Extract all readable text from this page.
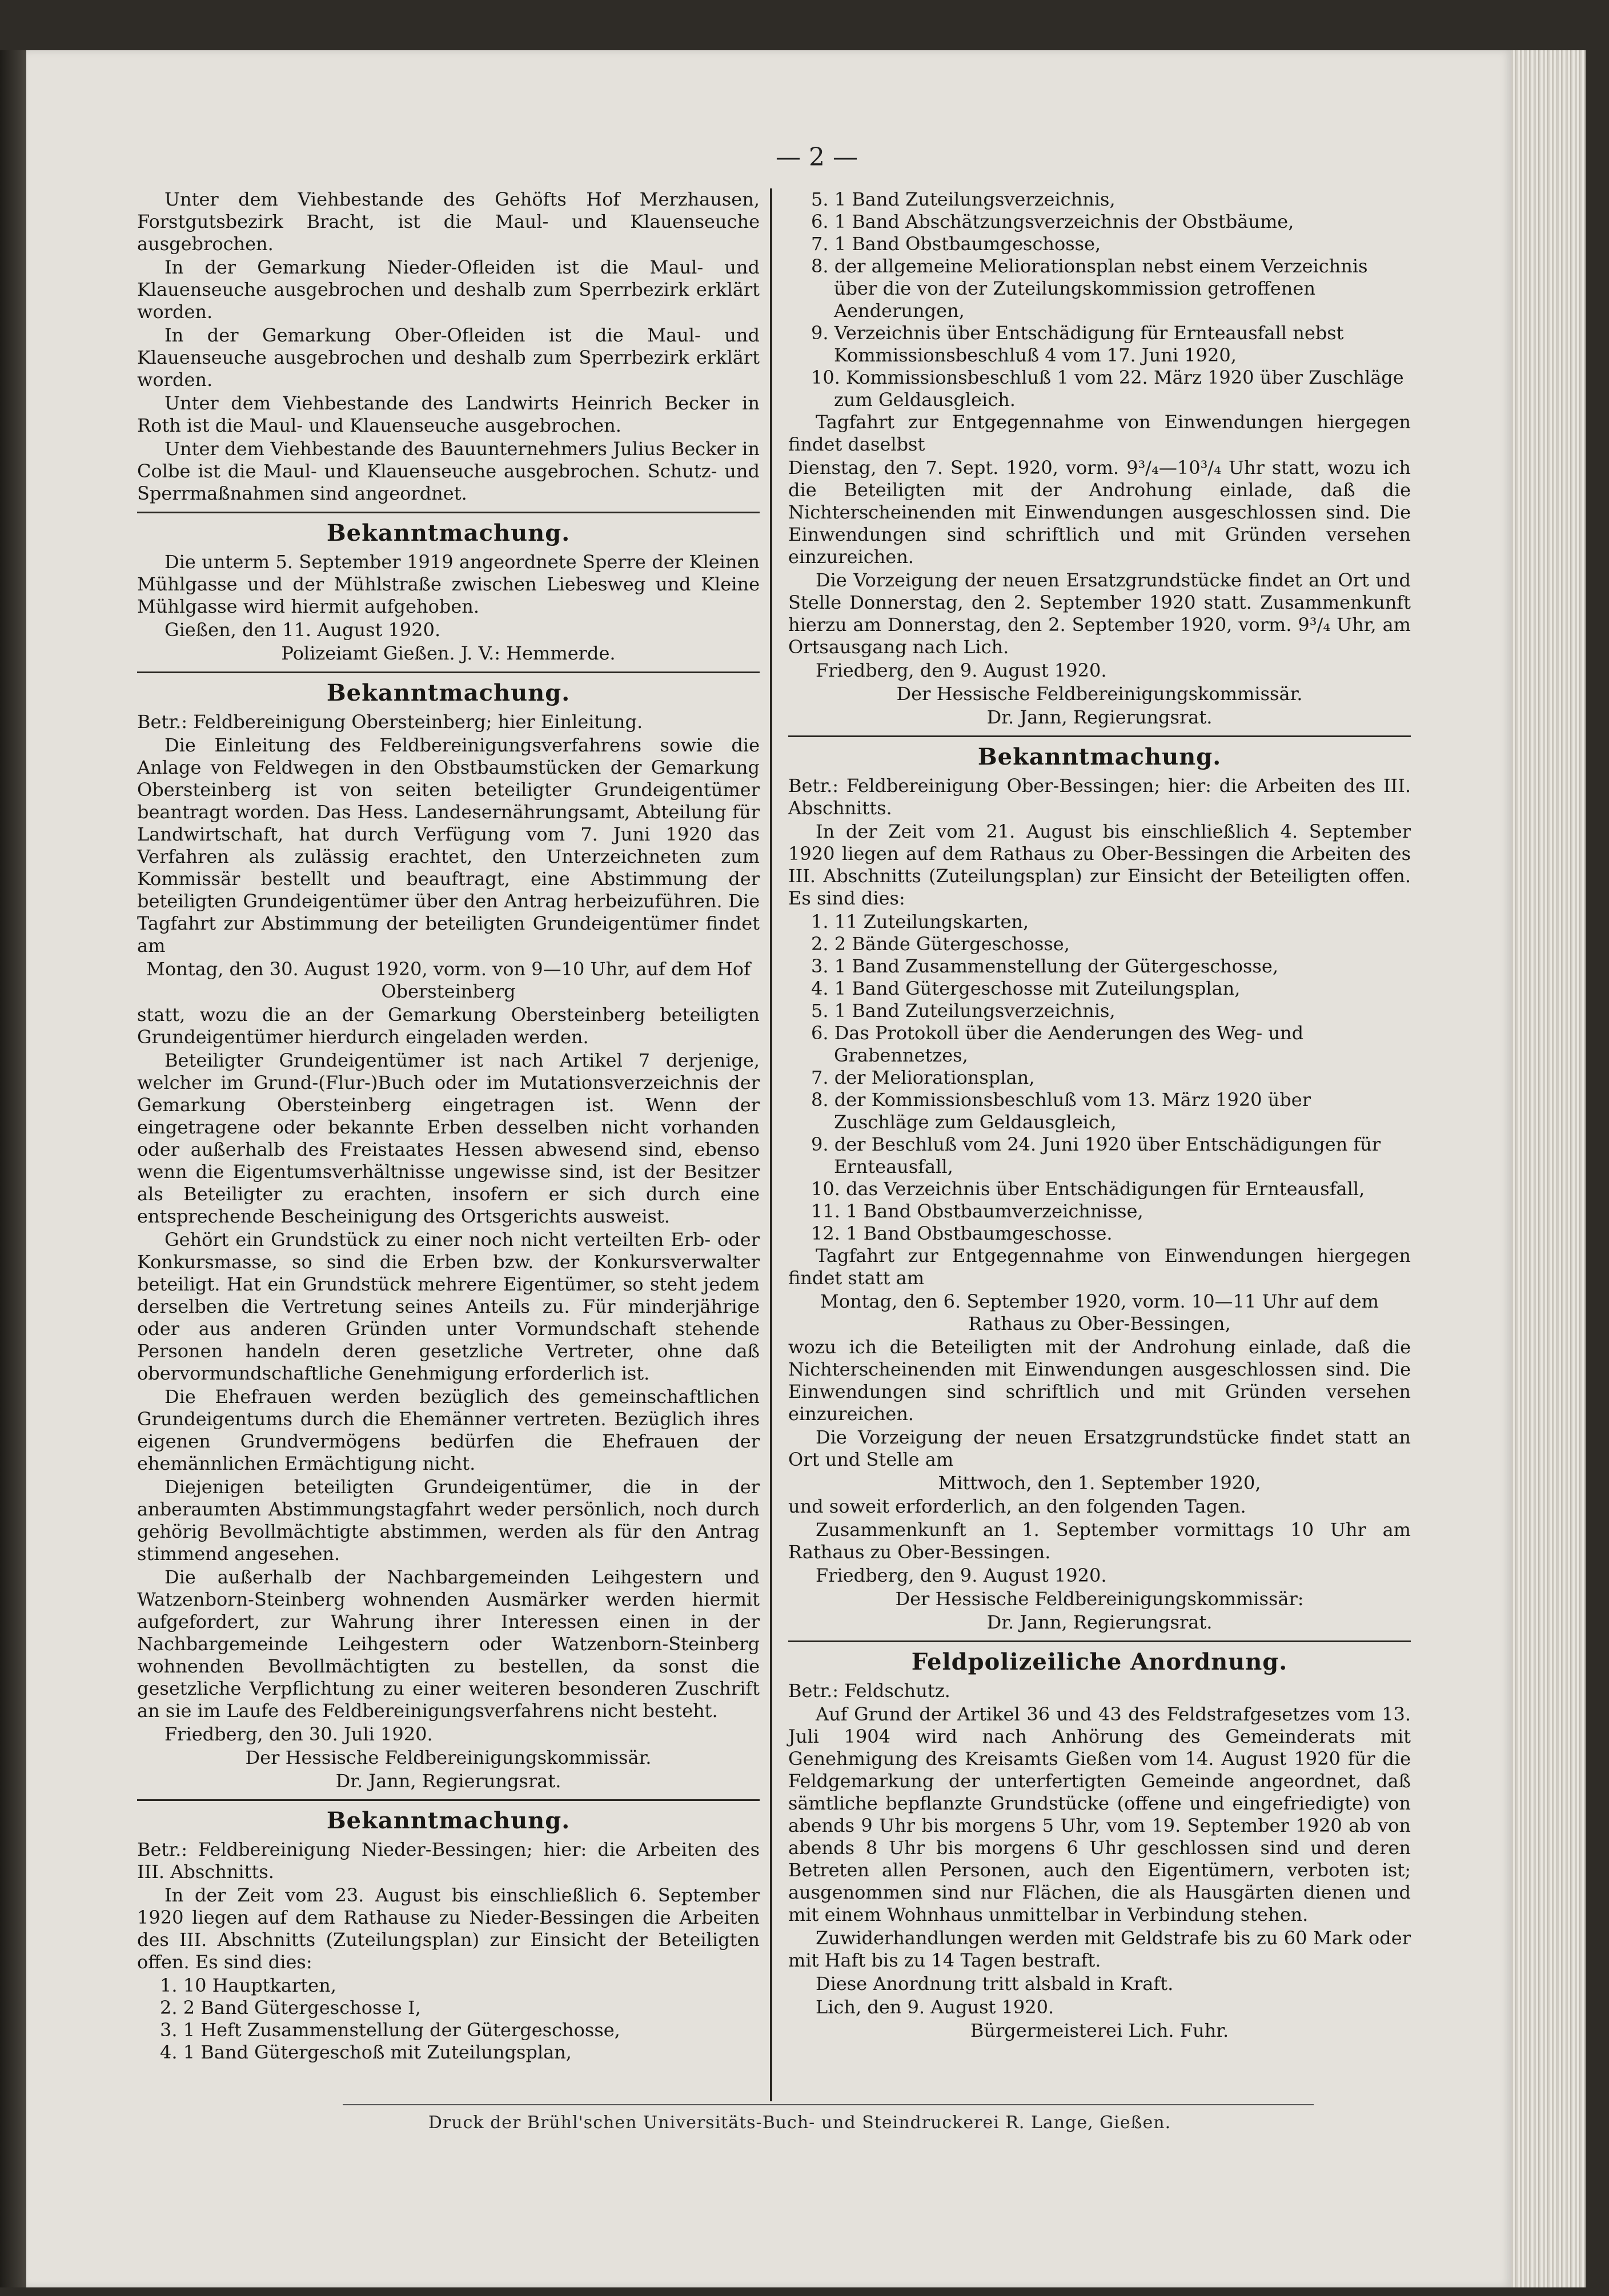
— 2 —

Unter dem Viehbestande des Gehöfts Hof Merzhausen, Forstgutsbezirk Bracht, ist die Maul- und Klauenseuche ausgebrochen.

In der Gemarkung Nieder-Ofleiden ist die Maul- und Klauenseuche ausgebrochen und deshalb zum Sperrbezirk erklärt worden.

In der Gemarkung Ober-Ofleiden ist die Maul- und Klauenseuche ausgebrochen und deshalb zum Sperrbezirk erklärt worden.

Unter dem Viehbestande des Landwirts Heinrich Becker in Roth ist die Maul- und Klauenseuche ausgebrochen.

Unter dem Viehbestande des Bauunternehmers Julius Becker in Colbe ist die Maul- und Klauenseuche ausgebrochen. Schutz- und Sperrmaßnahmen sind angeordnet.

Bekanntmachung.

Die unterm 5. September 1919 angeordnete Sperre der Kleinen Mühlgasse und der Mühlstraße zwischen Liebesweg und Kleine Mühlgasse wird hiermit aufgehoben.

Gießen, den 11. August 1920.

Polizeiamt Gießen. J. V.: Hemmerde.

Bekanntmachung.

Betr.: Feldbereinigung Obersteinberg; hier Einleitung.

Die Einleitung des Feldbereinigungsverfahrens sowie die Anlage von Feldwegen in den Obstbaumstücken der Gemarkung Obersteinberg ist von seiten beteiligter Grundeigentümer beantragt worden. Das Hess. Landesernährungsamt, Abteilung für Landwirtschaft, hat durch Verfügung vom 7. Juni 1920 das Verfahren als zulässig erachtet, den Unterzeichneten zum Kommissär bestellt und beauftragt, eine Abstimmung der beteiligten Grundeigentümer über den Antrag herbeizuführen. Die Tagfahrt zur Abstimmung der beteiligten Grundeigentümer findet am

Montag, den 30. August 1920, vorm. von 9—10 Uhr, auf dem Hof Obersteinberg

statt, wozu die an der Gemarkung Obersteinberg beteiligten Grundeigentümer hierdurch eingeladen werden.

Beteiligter Grundeigentümer ist nach Artikel 7 derjenige, welcher im Grund-(Flur-)Buch oder im Mutationsverzeichnis der Gemarkung Obersteinberg eingetragen ist. Wenn der eingetragene oder bekannte Erben desselben nicht vorhanden oder außerhalb des Freistaates Hessen abwesend sind, ebenso wenn die Eigentumsverhältnisse ungewisse sind, ist der Besitzer als Beteiligter zu erachten, insofern er sich durch eine entsprechende Bescheinigung des Ortsgerichts ausweist.

Gehört ein Grundstück zu einer noch nicht verteilten Erb- oder Konkursmasse, so sind die Erben bzw. der Konkursverwalter beteiligt. Hat ein Grundstück mehrere Eigentümer, so steht jedem derselben die Vertretung seines Anteils zu. Für minderjährige oder aus anderen Gründen unter Vormundschaft stehende Personen handeln deren gesetzliche Vertreter, ohne daß obervormundschaftliche Genehmigung erforderlich ist.

Die Ehefrauen werden bezüglich des gemeinschaftlichen Grundeigentums durch die Ehemänner vertreten. Bezüglich ihres eigenen Grundvermögens bedürfen die Ehefrauen der ehemännlichen Ermächtigung nicht.

Diejenigen beteiligten Grundeigentümer, die in der anberaumten Abstimmungstagfahrt weder persönlich, noch durch gehörig Bevollmächtigte abstimmen, werden als für den Antrag stimmend angesehen.

Die außerhalb der Nachbargemeinden Leihgestern und Watzenborn-Steinberg wohnenden Ausmärker werden hiermit aufgefordert, zur Wahrung ihrer Interessen einen in der Nachbargemeinde Leihgestern oder Watzenborn-Steinberg wohnenden Bevollmächtigten zu bestellen, da sonst die gesetzliche Verpflichtung zu einer weiteren besonderen Zuschrift an sie im Laufe des Feldbereinigungsverfahrens nicht besteht.

Friedberg, den 30. Juli 1920.

Der Hessische Feldbereinigungskommissär.

Dr. Jann, Regierungsrat.

Bekanntmachung.

Betr.: Feldbereinigung Nieder-Bessingen; hier: die Arbeiten des III. Abschnitts.

In der Zeit vom 23. August bis einschließlich 6. September 1920 liegen auf dem Rathause zu Nieder-Bessingen die Arbeiten des III. Abschnitts (Zuteilungsplan) zur Einsicht der Beteiligten offen. Es sind dies:

1. 10 Hauptkarten,
2. 2 Band Gütergeschosse I,
3. 1 Heft Zusammenstellung der Gütergeschosse,
4. 1 Band Gütergeschoß mit Zuteilungsplan,
5. 1 Band Zuteilungsverzeichnis,
6. 1 Band Abschätzungsverzeichnis der Obstbäume,
7. 1 Band Obstbaumgeschosse,
8. der allgemeine Meliorationsplan nebst einem Verzeichnis über die von der Zuteilungskommission getroffenen Aenderungen,
9. Verzeichnis über Entschädigung für Ernteausfall nebst Kommissionsbeschluß 4 vom 17. Juni 1920,
10. Kommissionsbeschluß 1 vom 22. März 1920 über Zuschläge zum Geldausgleich.

Tagfahrt zur Entgegennahme von Einwendungen hiergegen findet daselbst

Dienstag, den 7. Sept. 1920, vorm. 9³/₄—10³/₄ Uhr statt, wozu ich die Beteiligten mit der Androhung einlade, daß die Nichterscheinenden mit Einwendungen ausgeschlossen sind. Die Einwendungen sind schriftlich und mit Gründen versehen einzureichen.

Die Vorzeigung der neuen Ersatzgrundstücke findet an Ort und Stelle Donnerstag, den 2. September 1920 statt. Zusammenkunft hierzu am Donnerstag, den 2. September 1920, vorm. 9³/₄ Uhr, am Ortsausgang nach Lich.

Friedberg, den 9. August 1920.

Der Hessische Feldbereinigungskommissär.

Dr. Jann, Regierungsrat.

Bekanntmachung.

Betr.: Feldbereinigung Ober-Bessingen; hier: die Arbeiten des III. Abschnitts.

In der Zeit vom 21. August bis einschließlich 4. September 1920 liegen auf dem Rathaus zu Ober-Bessingen die Arbeiten des III. Abschnitts (Zuteilungsplan) zur Einsicht der Beteiligten offen. Es sind dies:

1. 11 Zuteilungskarten,
2. 2 Bände Gütergeschosse,
3. 1 Band Zusammenstellung der Gütergeschosse,
4. 1 Band Gütergeschosse mit Zuteilungsplan,
5. 1 Band Zuteilungsverzeichnis,
6. Das Protokoll über die Aenderungen des Weg- und Grabennetzes,
7. der Meliorationsplan,
8. der Kommissionsbeschluß vom 13. März 1920 über Zuschläge zum Geldausgleich,
9. der Beschluß vom 24. Juni 1920 über Entschädigungen für Ernteausfall,
10. das Verzeichnis über Entschädigungen für Ernteausfall,
11. 1 Band Obstbaumverzeichnisse,
12. 1 Band Obstbaumgeschosse.

Tagfahrt zur Entgegennahme von Einwendungen hiergegen findet statt am

Montag, den 6. September 1920, vorm. 10—11 Uhr auf dem Rathaus zu Ober-Bessingen,

wozu ich die Beteiligten mit der Androhung einlade, daß die Nichterscheinenden mit Einwendungen ausgeschlossen sind. Die Einwendungen sind schriftlich und mit Gründen versehen einzureichen.

Die Vorzeigung der neuen Ersatzgrundstücke findet statt an Ort und Stelle am

Mittwoch, den 1. September 1920,

und soweit erforderlich, an den folgenden Tagen.

Zusammenkunft an 1. September vormittags 10 Uhr am Rathaus zu Ober-Bessingen.

Friedberg, den 9. August 1920.

Der Hessische Feldbereinigungskommissär:

Dr. Jann, Regierungsrat.

Feldpolizeiliche Anordnung.

Betr.: Feldschutz.

Auf Grund der Artikel 36 und 43 des Feldstrafgesetzes vom 13. Juli 1904 wird nach Anhörung des Gemeinderats mit Genehmigung des Kreisamts Gießen vom 14. August 1920 für die Feldgemarkung der unterfertigten Gemeinde angeordnet, daß sämtliche bepflanzte Grundstücke (offene und eingefriedigte) von abends 9 Uhr bis morgens 5 Uhr, vom 19. September 1920 ab von abends 8 Uhr bis morgens 6 Uhr geschlossen sind und deren Betreten allen Personen, auch den Eigentümern, verboten ist; ausgenommen sind nur Flächen, die als Hausgärten dienen und mit einem Wohnhaus unmittelbar in Verbindung stehen.

Zuwiderhandlungen werden mit Geldstrafe bis zu 60 Mark oder mit Haft bis zu 14 Tagen bestraft.

Diese Anordnung tritt alsbald in Kraft.

Lich, den 9. August 1920.

Bürgermeisterei Lich. Fuhr.

Druck der Brühl'schen Universitäts-Buch- und Steindruckerei R. Lange, Gießen.
